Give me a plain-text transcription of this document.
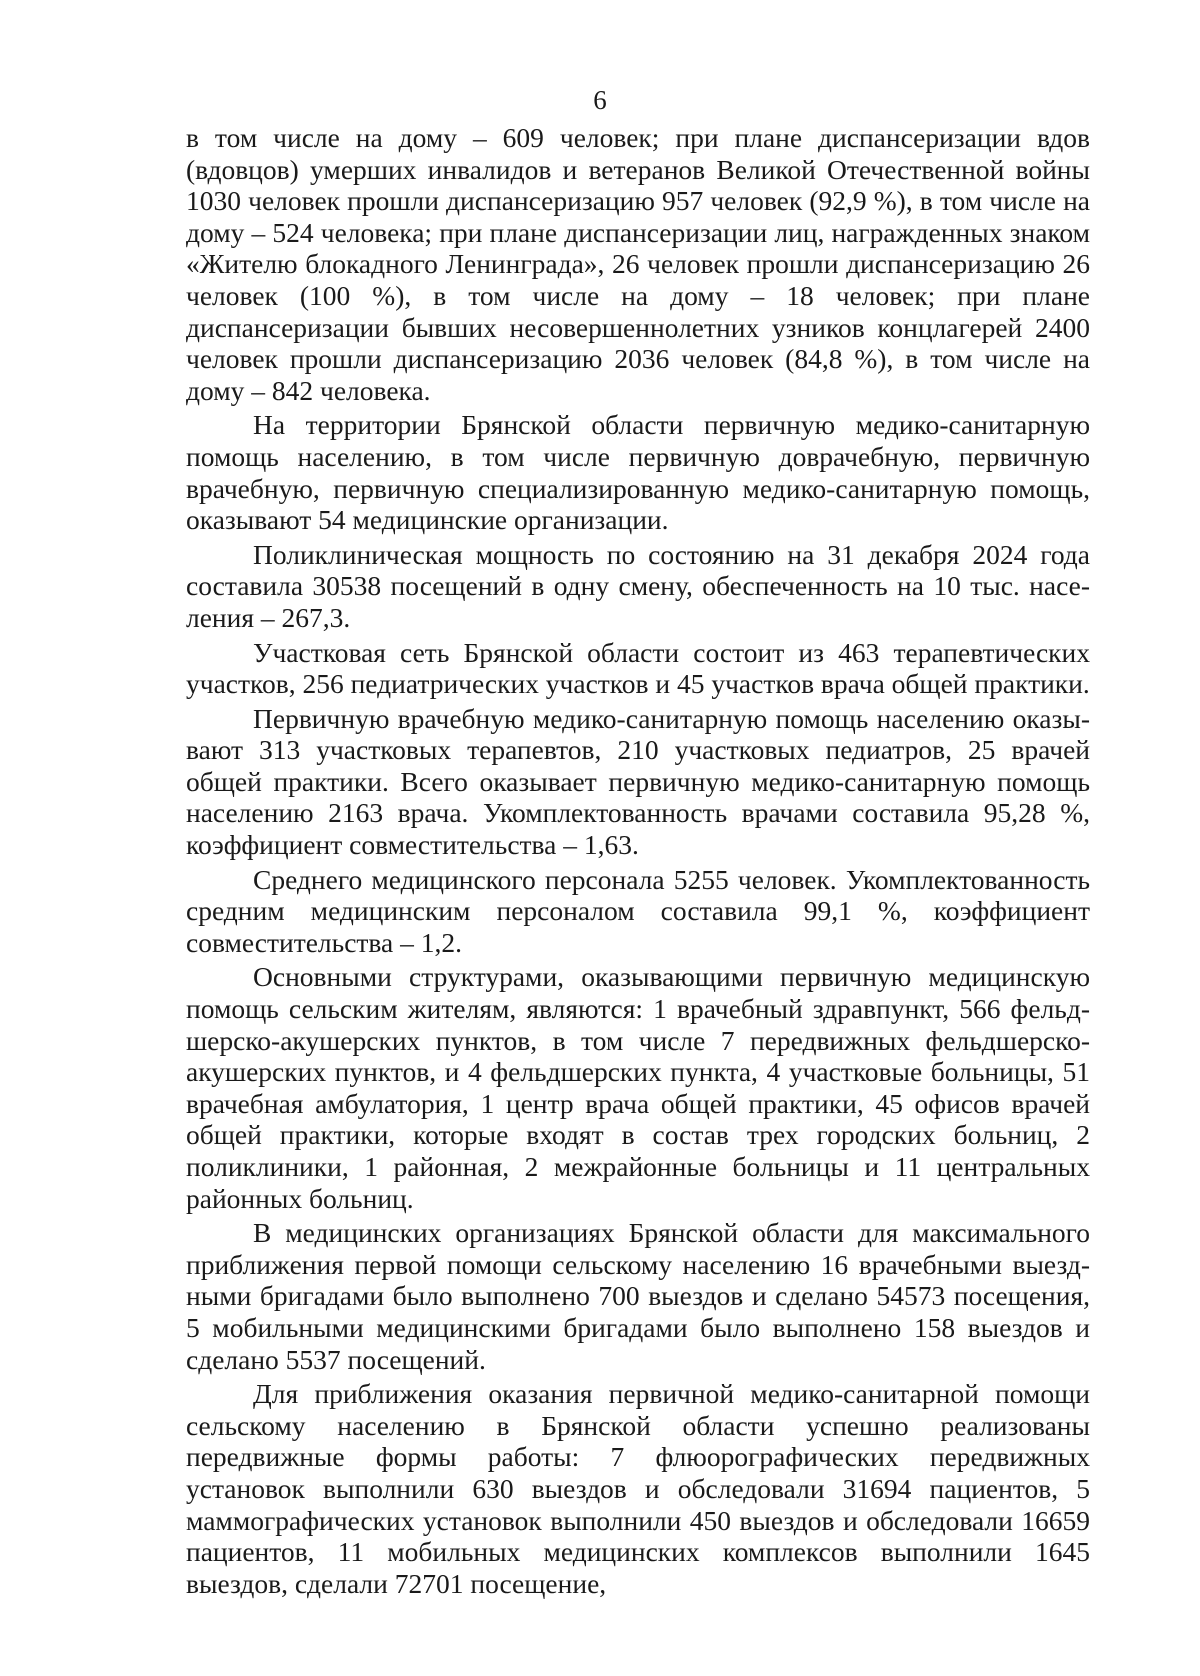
6

в том числе на дому – 609 человек; при плане диспансеризации вдов (вдовцов) умерших инвалидов и ветеранов Великой Отечественной войны 1030 человек прошли диспансеризацию 957 человек (92,9 %), в том числе на дому – 524 человека; при плане диспансеризации лиц, награжденных знаком «Жителю блокадного Ленинграда», 26 человек прошли диспансеризацию 26 человек (100 %), в том числе на дому – 18 человек; при плане диспансеризации бывших несовершеннолетних узников концлагерей 2400 человек прошли диспансеризацию 2036 человек (84,8 %), в том числе на дому – 842 человека.

На территории Брянской области первичную медико-санитарную помощь населению, в том числе первичную доврачебную, первичную врачебную, первичную специализированную медико-санитарную помощь, оказывают 54 медицинские организации.

Поликлиническая мощность по состоянию на 31 декабря 2024 года составила 30538 посещений в одну смену, обеспеченность на 10 тыс. населения – 267,3.

Участковая сеть Брянской области состоит из 463 терапевтических участков, 256 педиатрических участков и 45 участков врача общей практики.

Первичную врачебную медико-санитарную помощь населению оказывают 313 участковых терапевтов, 210 участковых педиатров, 25 врачей общей практики. Всего оказывает первичную медико-санитарную помощь населению 2163 врача. Укомплектованность врачами составила 95,28 %, коэффициент совместительства – 1,63.

Среднего медицинского персонала 5255 человек. Укомплектованность средним медицинским персоналом составила 99,1 %, коэффициент совместительства – 1,2.

Основными структурами, оказывающими первичную медицинскую помощь сельским жителям, являются: 1 врачебный здравпункт, 566 фельдшерско-акушерских пунктов, в том числе 7 передвижных фельдшерско-акушерских пунктов, и 4 фельдшерских пункта, 4 участковые больницы, 51 врачебная амбулатория, 1 центр врача общей практики, 45 офисов врачей общей практики, которые входят в состав трех городских больниц, 2 поликлиники, 1 районная, 2 межрайонные больницы и 11 центральных районных больниц.

В медицинских организациях Брянской области для максимального приближения первой помощи сельскому населению 16 врачебными выездными бригадами было выполнено 700 выездов и сделано 54573 посещения, 5 мобильными медицинскими бригадами было выполнено 158 выездов и сделано 5537 посещений.

Для приближения оказания первичной медико-санитарной помощи сельскому населению в Брянской области успешно реализованы передвижные формы работы: 7 флюорографических передвижных установок выполнили 630 выездов и обследовали 31694 пациентов, 5 маммографических установок выполнили 450 выездов и обследовали 16659 пациентов, 11 мобильных медицинских комплексов выполнили 1645 выездов, сделали 72701 посещение,
